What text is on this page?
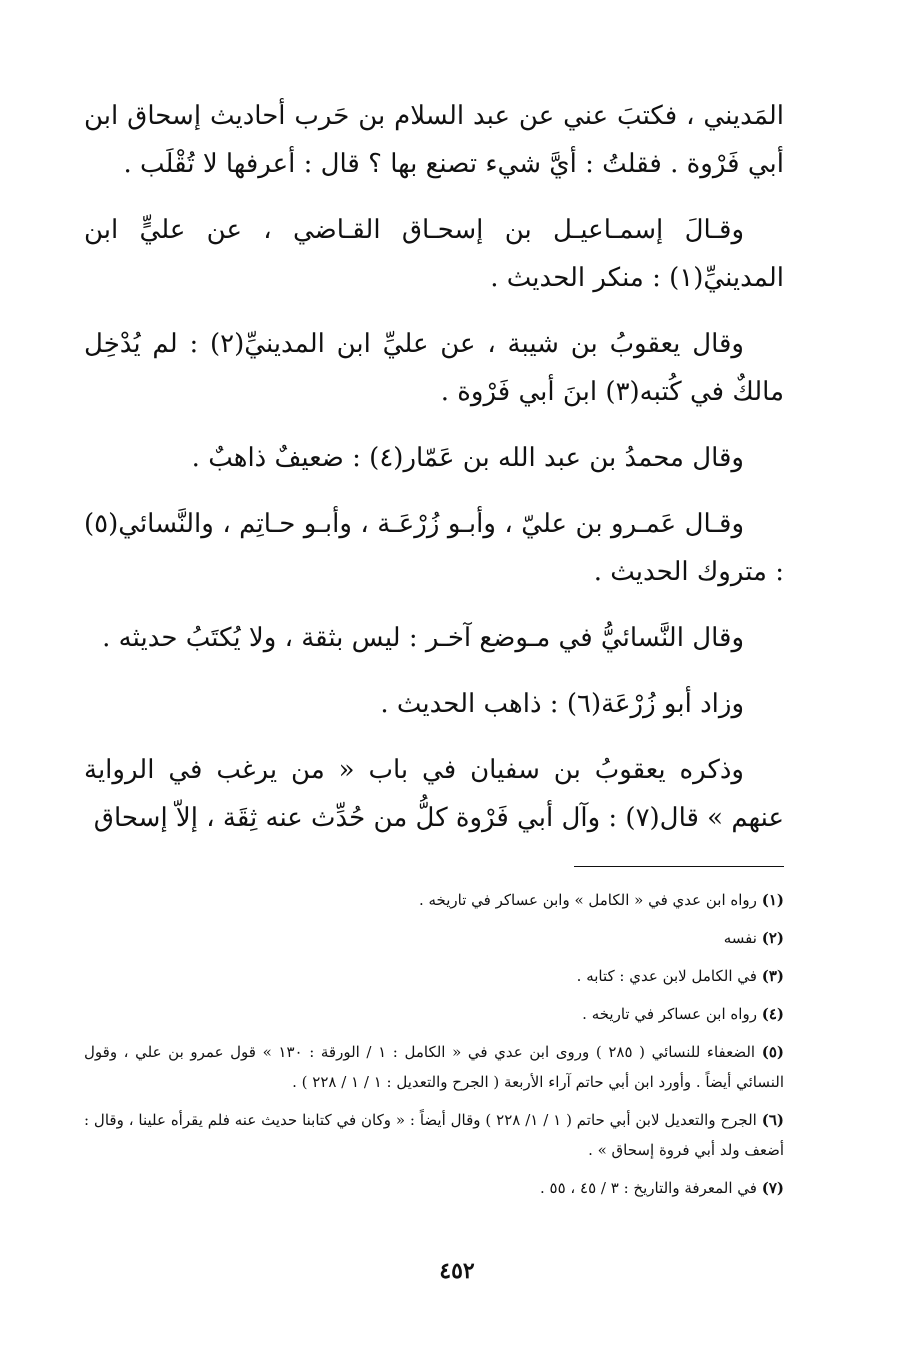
المَديني ، فكتبَ عني عن عبد السلام بن حَرب أحاديث إسحاق ابن أبي فَرْوة . فقلتُ : أيَّ شيء تصنع بها ؟ قال : أعرفها لا تُقْلَب .

وقـالَ إسمـاعيـل بن إسحـاق القـاضي ، عن عليٍّ ابن المدينيِّ(١) : منكر الحديث .

وقال يعقوبُ بن شيبة ، عن عليِّ ابن المدينيِّ(٢) : لم يُدْخِل مالكٌ في كُتبه(٣) ابنَ أبي فَرْوة .

وقال محمدُ بن عبد الله بن عَمّار(٤) : ضعيفٌ ذاهبٌ .

وقـال عَمـرو بن عليّ ، وأبـو زُرْعَـة ، وأبـو حـاتِم ، والنَّسائي(٥) : متروك الحديث .

وقال النَّسائيُّ في مـوضع آخـر : ليس بثقة ، ولا يُكتَبُ حديثه .

وزاد أبو زُرْعَة(٦) : ذاهب الحديث .

وذكره يعقوبُ بن سفيان في باب « من يرغب في الرواية عنهم » قال(٧) : وآل أبي فَرْوة كلُّ من حُدِّث عنه ثِقَة ، إلاّ إسحاق

(١) رواه ابن عدي في « الكامل » وابن عساكر في تاريخه .

(٢) نفسه

(٣) في الكامل لابن عدي : كتابه .

(٤) رواه ابن عساكر في تاريخه .

(٥) الضعفاء للنسائي ( ٢٨٥ ) وروى ابن عدي في « الكامل : ١ / الورقة : ١٣٠ » قول عمرو بن علي ، وقول النسائي أيضاً . وأورد ابن أبي حاتم آراء الأربعة ( الجرح والتعديل : ١ / ١ / ٢٢٨ ) .

(٦) الجرح والتعديل لابن أبي حاتم ( ١ / ١/ ٢٢٨ ) وقال أيضاً : « وكان في كتابنا حديث عنه فلم يقرأه علينا ، وقال : أضعف ولد أبي فروة إسحاق » .

(٧) في المعرفة والتاريخ : ٣ / ٤٥ ، ٥٥ .

٤٥٢
